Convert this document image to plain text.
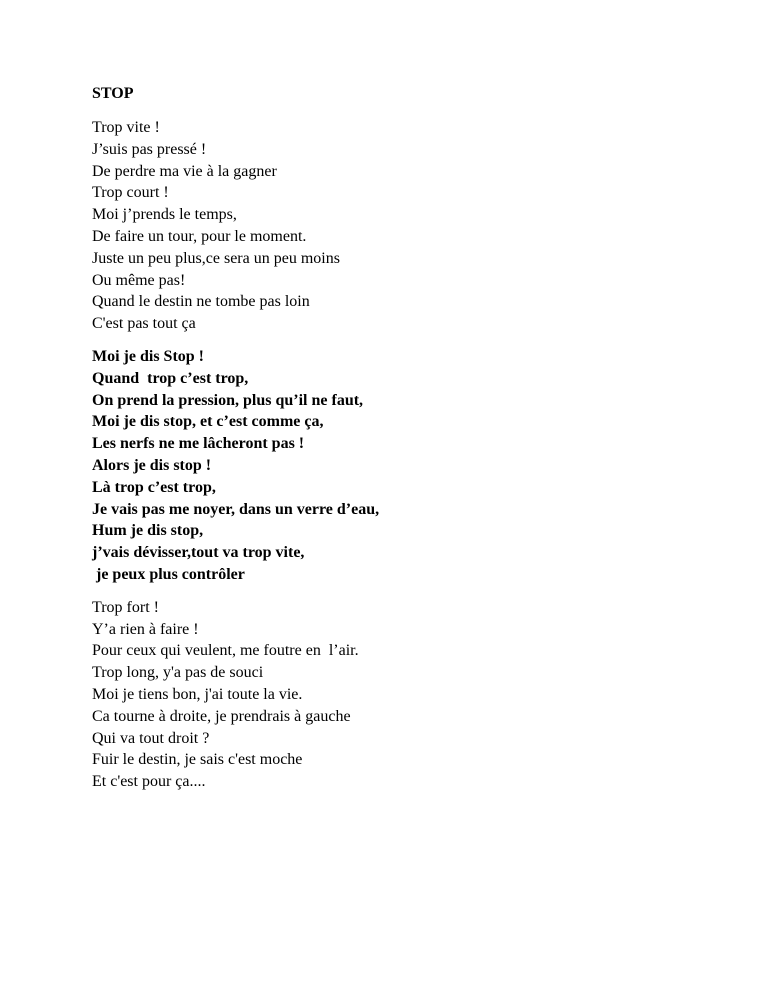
STOP
Trop vite !
J’suis pas pressé !
De perdre ma vie à la gagner
Trop court !
Moi j’prends le temps,
De faire un tour, pour le moment.
Juste un peu plus,ce sera un peu moins
Ou même pas!
Quand le destin ne tombe pas loin
C'est pas tout ça
Moi je dis Stop !
Quand  trop c’est trop,
On prend la pression, plus qu’il ne faut,
Moi je dis stop, et c’est comme ça,
Les nerfs ne me lâcheront pas !
Alors je dis stop !
Là trop c’est trop,
Je vais pas me noyer, dans un verre d’eau,
Hum je dis stop,
j’vais dévisser,tout va trop vite,
je peux plus contrôler
Trop fort !
Y’a rien à faire !
Pour ceux qui veulent, me foutre en  l’air.
Trop long, y'a pas de souci
Moi je tiens bon, j'ai toute la vie.
Ca tourne à droite, je prendrais à gauche
Qui va tout droit ?
Fuir le destin, je sais c'est moche
Et c'est pour ça....
